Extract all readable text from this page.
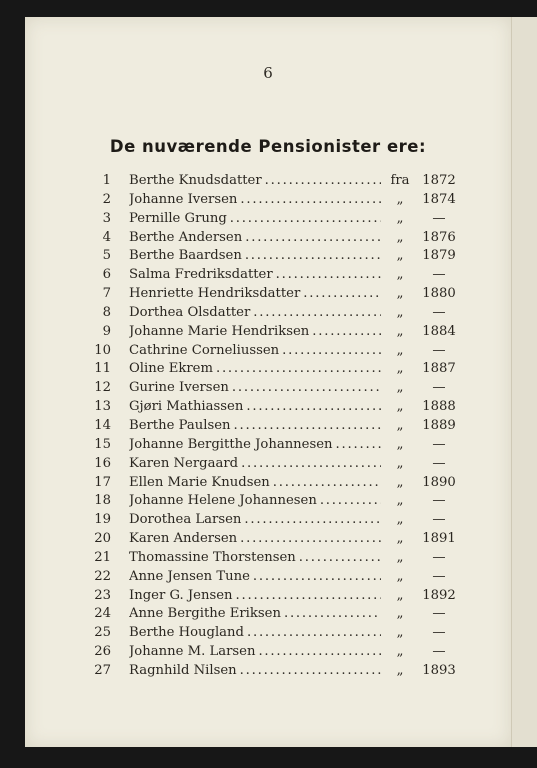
6
De nuværende Pensionister ere:
1 Berthe Knudsdatter . . .	fra 1872
2 Johanne Iversen . . .	„	1874
3 Pernille Grung . . .	„	—
4 Berthe Andersen . . .	„	1876
5 Berthe Baardsen . . .	„	1879
6 Salma Fredriksdatter . . .	„	—
7 Henriette Hendriksdatter . . .	„	1880
8 Dorthea Olsdatter . . .	„	—
9 Johanne Marie Hendriksen . . .	„	1884
10 Cathrine Corneliussen . . .	„	—
11 Oline Ekrem . . .	„	1887
12 Gurine Iversen . . .	„	—
13 Gjøri Mathiassen . . .	„	1888
14 Berthe Paulsen . . .	„	1889
15 Johanne Bergitthe Johannesen . . .	„	—
16 Karen Nergaard . . .	„	—
17 Ellen Marie Knudsen . . .	„	1890
18 Johanne Helene Johannesen . . .	„	—
19 Dorothea Larsen . . .	„	—
20 Karen Andersen . . .	„	1891
21 Thomassine Thorstensen . . .	„	—
22 Anne Jensen Tune . . .	„	—
23 Inger G. Jensen . . .	„	1892
24 Anne Bergithe Eriksen . . .	„	—
25 Berthe Hougland . . .	„	—
26 Johanne M. Larsen . . .	„	—
27 Ragnhild Nilsen . . .	„	1893
